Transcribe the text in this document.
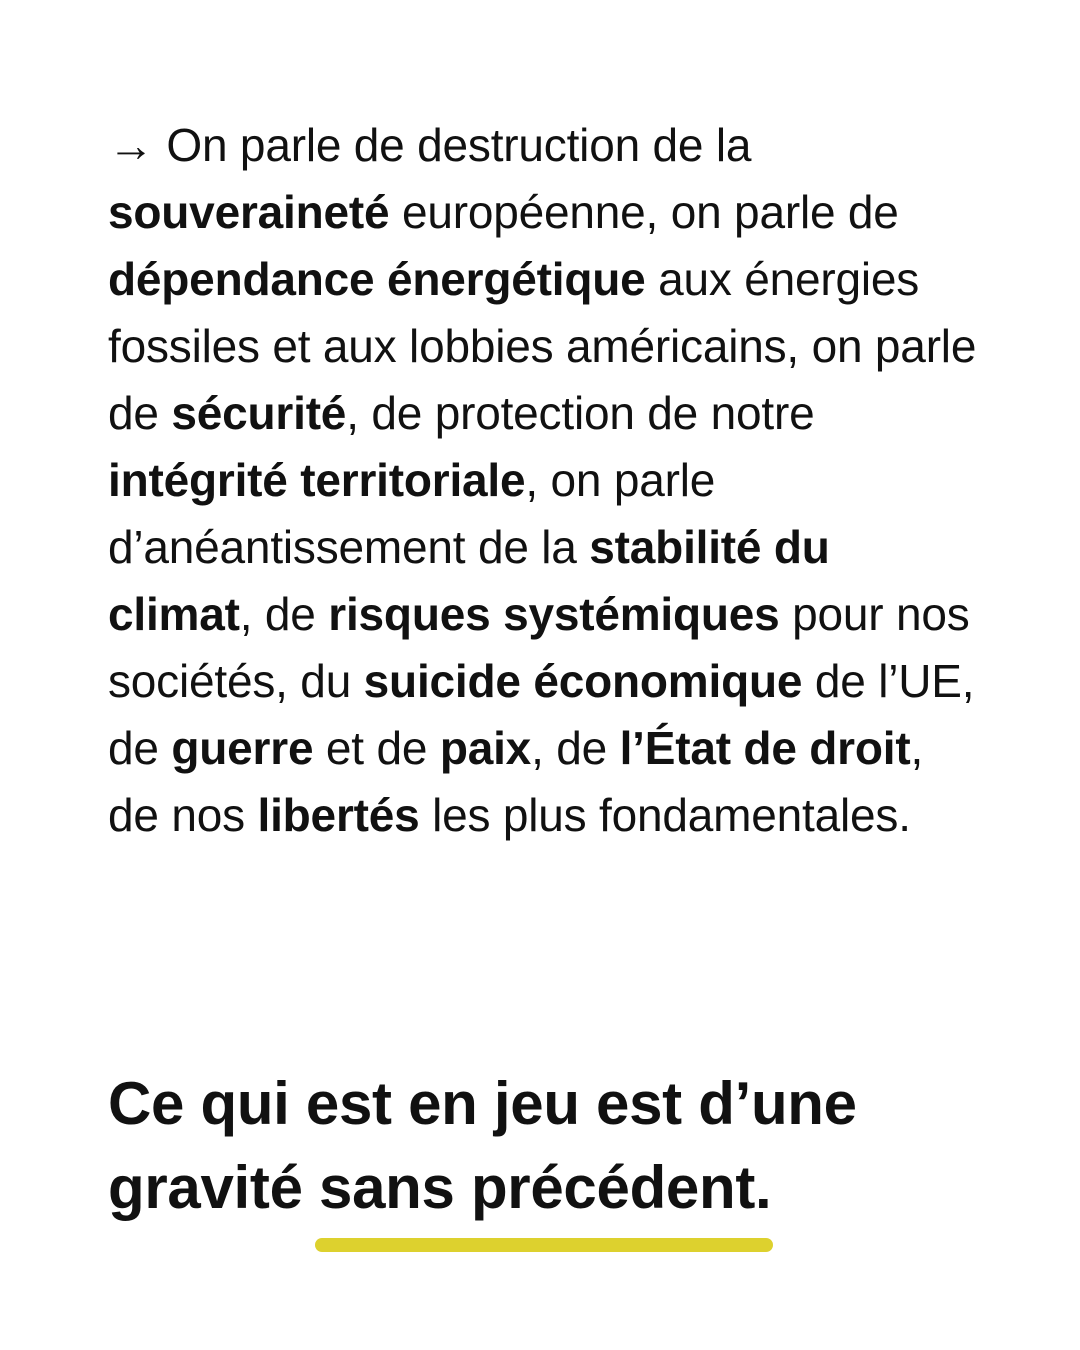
→ On parle de destruction de la souveraineté européenne, on parle de dépendance énergétique aux énergies fossiles et aux lobbies américains, on parle de sécurité, de protection de notre intégrité territoriale, on parle d’anéantissement de la stabilité du climat, de risques systémiques pour nos sociétés, du suicide économique de l’UE, de guerre et de paix, de l’État de droit, de nos libertés les plus fondamentales.

Ce qui est en jeu est d’une gravité sans précédent.
